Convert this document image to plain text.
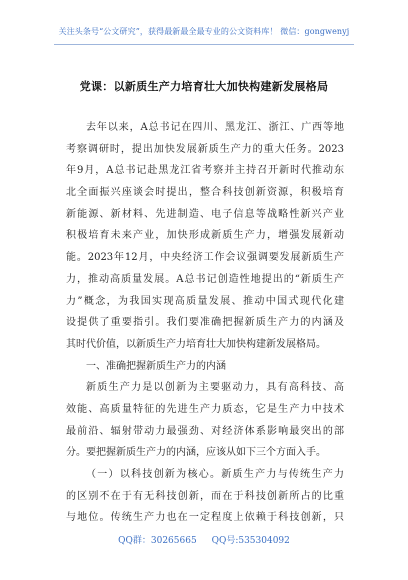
关注头条号“公文研究”，获得最新最全最专业的公文资料库！ 微信：gongwenyj
党课：以新质生产力培育壮大加快构建新发展格局
去年以来，A总书记在四川、黑龙江、浙江、广西等地
考察调研时，提出加快发展新质生产力的重大任务。2023
年9月，A总书记赴黑龙江省考察并主持召开新时代推动东
北全面振兴座谈会时提出，整合科技创新资源，积极培育
新能源、新材料、先进制造、电子信息等战略性新兴产业
积极培育未来产业，加快形成新质生产力，增强发展新动
能。2023年12月，中央经济工作会议强调要发展新质生产
力，推动高质量发展。A总书记创造性地提出的“新质生产
力”概念，为我国实现高质量发展、推动中国式现代化建
设提供了重要指引。我们要准确把握新质生产力的内涵及
其时代价值，以新质生产力培育壮大加快构建新发展格局。
一、准确把握新质生产力的内涵
新质生产力是以创新为主要驱动力，具有高科技、高
效能、高质量特征的先进生产力质态，它是生产力中技术
最前沿、辐射带动力最强劲、对经济体系影响最突出的部
分。要把握新质生产力的内涵，应该从如下三个方面入手。
（一）以科技创新为核心。新质生产力与传统生产力
的区别不在于有无科技创新，而在于科技创新所占的比重
与地位。传统生产力也在一定程度上依赖于科技创新，只
QQ群：30265665 QQ号:535304092
